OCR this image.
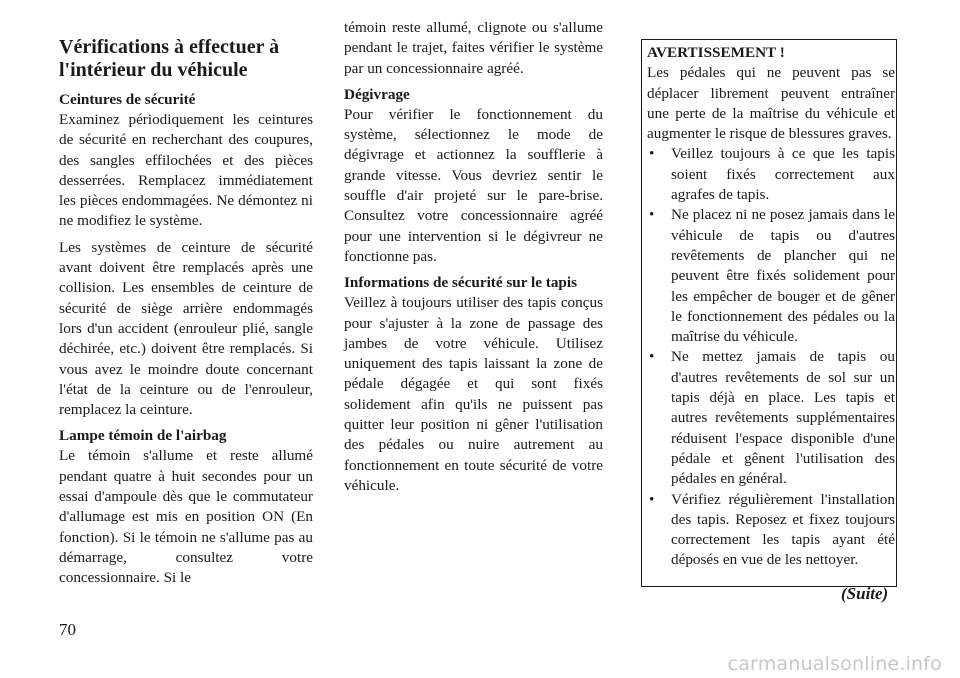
Vérifications à effectuer à l'intérieur du véhicule
Ceintures de sécurité

Examinez périodiquement les ceintures de sécurité en recherchant des coupures, des sangles effilochées et des pièces desserrées. Remplacez immédiatement les pièces endommagées. Ne démontez ni ne modifiez le système.

Les systèmes de ceinture de sécurité avant doivent être remplacés après une collision. Les ensembles de ceinture de sécurité de siège arrière endommagés lors d'un accident (enrouleur plié, sangle déchirée, etc.) doivent être remplacés. Si vous avez le moindre doute concernant l'état de la ceinture ou de l'enrouleur, remplacez la ceinture.

Lampe témoin de l'airbag

Le témoin s'allume et reste allumé pendant quatre à huit secondes pour un essai d'ampoule dès que le commutateur d'allumage est mis en position ON (En fonction). Si le témoin ne s'allume pas au démarrage, consultez votre concessionnaire. Si le

témoin reste allumé, clignote ou s'allume pendant le trajet, faites vérifier le système par un concessionnaire agréé.

Dégivrage

Pour vérifier le fonctionnement du système, sélectionnez le mode de dégivrage et actionnez la soufflerie à grande vitesse. Vous devriez sentir le souffle d'air projeté sur le pare-brise. Consultez votre concessionnaire agréé pour une intervention si le dégivreur ne fonctionne pas.

Informations de sécurité sur le tapis

Veillez à toujours utiliser des tapis conçus pour s'ajuster à la zone de passage des jambes de votre véhicule. Utilisez uniquement des tapis laissant la zone de pédale dégagée et qui sont fixés solidement afin qu'ils ne puissent pas quitter leur position ni gêner l'utilisation des pédales ou nuire autrement au fonctionnement en toute sécurité de votre véhicule.

AVERTISSEMENT !

Les pédales qui ne peuvent pas se déplacer librement peuvent entraîner une perte de la maîtrise du véhicule et augmenter le risque de blessures graves.

• Veillez toujours à ce que les tapis soient fixés correctement aux agrafes de tapis.
• Ne placez ni ne posez jamais dans le véhicule de tapis ou d'autres revêtements de plancher qui ne peuvent être fixés solidement pour les empêcher de bouger et de gêner le fonctionnement des pédales ou la maîtrise du véhicule.
• Ne mettez jamais de tapis ou d'autres revêtements de sol sur un tapis déjà en place. Les tapis et autres revêtements supplémentaires réduisent l'espace disponible d'une pédale et gênent l'utilisation des pédales en général.
• Vérifiez régulièrement l'installation des tapis. Reposez et fixez toujours correctement les tapis ayant été déposés en vue de les nettoyer.
(Suite)
70
carmanualsonline.info
